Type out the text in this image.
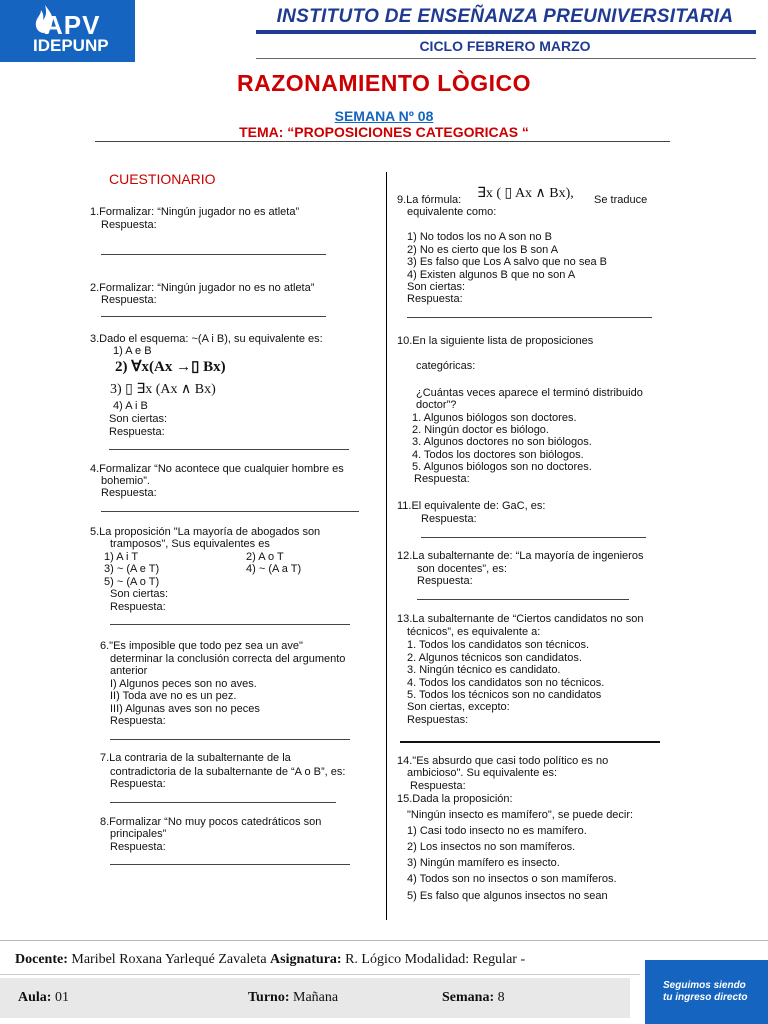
APV
IDEPUNP
INSTITUTO DE ENSEÑANZA PREUNIVERSITARIA
CICLO FEBRERO MARZO
RAZONAMIENTO LÒGICO
SEMANA Nº 08
TEMA: “PROPOSICIONES CATEGORICAS “
CUESTIONARIO
1.Formalizar: “Ningún jugador no es atleta”
Respuesta:
2.Formalizar: “Ningún jugador no es no atleta”
Respuesta:
3.Dado el esquema: ~(A i B), su equivalente es:
1) A e B
2) ∀x(Ax →▯ Bx)
3) ▯ ∃x (Ax ∧ Bx)
4) A i B
Son ciertas:
Respuesta:
4.Formalizar “No acontece que cualquier hombre es
bohemio”.
Respuesta:
5.La proposición "La mayoría de abogados son
tramposos", Sus equivalentes es
1) A i T	2) A o T
3) ~ (A e T)	4) ~ (A a T)
5) ~ (A o T)
Son ciertas:
Respuesta:
6."Es imposible que todo pez sea un ave"
determinar la conclusión correcta del argumento
anterior
I) Algunos peces son no aves.
II) Toda ave no es un pez.
III) Algunas aves son no peces
Respuesta:
7.La contraria de la subalternante de la
contradictoria de la subalternante de “A o B”, es:
Respuesta:
8.Formalizar “No muy pocos catedráticos son
principales”
Respuesta:
9.La fórmula: ∃x ( ▯ Ax ∧ Bx), Se traduce
equivalente como:
1) No todos los no A son no B
2) No es cierto que los B son A
3) Es falso que Los A salvo que no sea B
4) Existen algunos B que no son A
Son ciertas:
Respuesta:
10.En la siguiente lista de proposiciones
categóricas:
¿Cuántas veces aparece el terminó distribuido
doctor”?
1. Algunos biólogos son doctores.
2. Ningún doctor es biólogo.
3. Algunos doctores no son biólogos.
4. Todos los doctores son biólogos.
5. Algunos biólogos son no doctores.
Respuesta:
11.El equivalente de: GaC, es:
Respuesta:
12.La subalternante de: “La mayoría de ingenieros
son docentes”, es:
Respuesta:
13.La subalternante de “Ciertos candidatos no son
técnicos”, es equivalente a:
1. Todos los candidatos son técnicos.
2. Algunos técnicos son candidatos.
3. Ningún técnico es candidato.
4. Todos los candidatos son no técnicos.
5. Todos los técnicos son no candidatos
Son ciertas, excepto:
Respuestas:
14."Es absurdo que casi todo político es no
ambicioso". Su equivalente es:
Respuesta:
15.Dada la proposición:
"Ningún insecto es mamífero", se puede decir:
1) Casi todo insecto no es mamífero.
2) Los insectos no son mamíferos.
3) Ningún mamífero es insecto.
4) Todos son no insectos o son mamíferos.
5) Es falso que algunos insectos no sean
Docente: Maribel Roxana Yarlequé Zavaleta Asignatura: R. Lógico Modalidad: Regular -
Aula: 01	Turno: Mañana	Semana: 8
Seguimos siendo
tu ingreso directo
